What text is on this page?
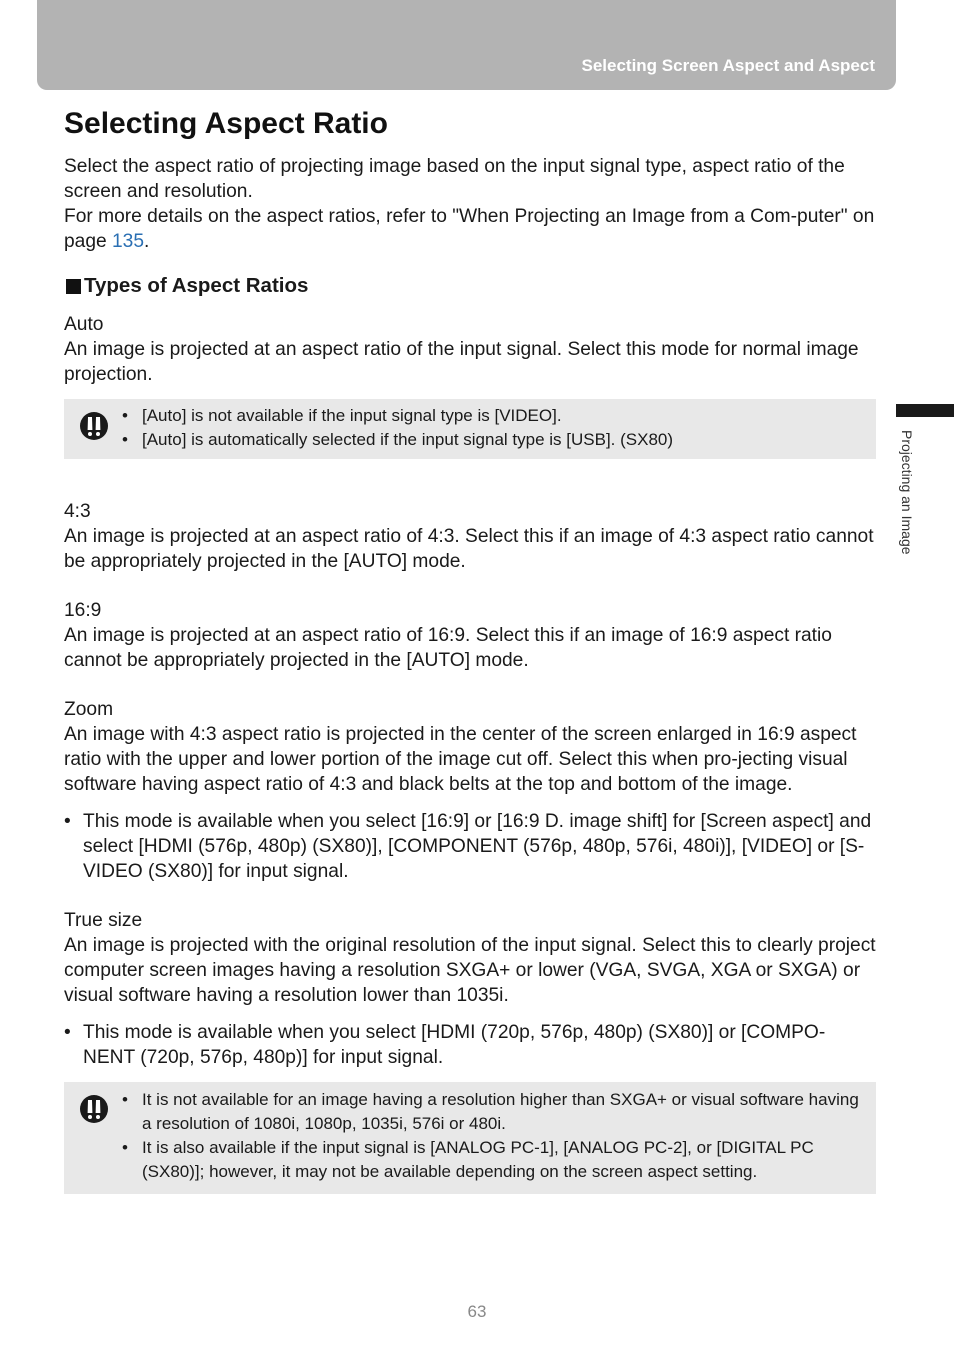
Selecting Screen Aspect and Aspect
Projecting an Image
Selecting Aspect Ratio

Select the aspect ratio of projecting image based on the input signal type, aspect ratio of the screen and resolution.

For more details on the aspect ratios, refer to "When Projecting an Image from a Com-puter" on page 135.

Types of Aspect Ratios
Auto

An image is projected at an aspect ratio of the input signal. Select this mode for normal image projection.

• [Auto] is not available if the input signal type is [VIDEO].
• [Auto] is automatically selected if the input signal type is [USB]. (SX80)
4:3

An image is projected at an aspect ratio of 4:3. Select this if an image of 4:3 aspect ratio cannot be appropriately projected in the [AUTO] mode.

16:9

An image is projected at an aspect ratio of 16:9. Select this if an image of 16:9 aspect ratio cannot be appropriately projected in the [AUTO] mode.

Zoom

An image with 4:3 aspect ratio is projected in the center of the screen enlarged in 16:9 aspect ratio with the upper and lower portion of the image cut off. Select this when pro-jecting visual software having aspect ratio of 4:3 and black belts at the top and bottom of the image.

• This mode is available when you select [16:9] or [16:9 D. image shift] for [Screen aspect] and select [HDMI (576p, 480p) (SX80)], [COMPONENT (576p, 480p, 576i, 480i)], [VIDEO] or [S-VIDEO (SX80)] for input signal.
True size

An image is projected with the original resolution of the input signal. Select this to clearly project computer screen images having a resolution SXGA+ or lower (VGA, SVGA, XGA or SXGA) or visual software having a resolution lower than 1035i.

• This mode is available when you select [HDMI (720p, 576p, 480p) (SX80)] or [COMPO-NENT (720p, 576p, 480p)] for input signal.
• It is not available for an image having a resolution higher than SXGA+ or visual software having a resolution of 1080i, 1080p, 1035i, 576i or 480i.
• It is also available if the input signal is [ANALOG PC-1], [ANALOG PC-2], or [DIGITAL PC (SX80)]; however, it may not be available depending on the screen aspect setting.
63
